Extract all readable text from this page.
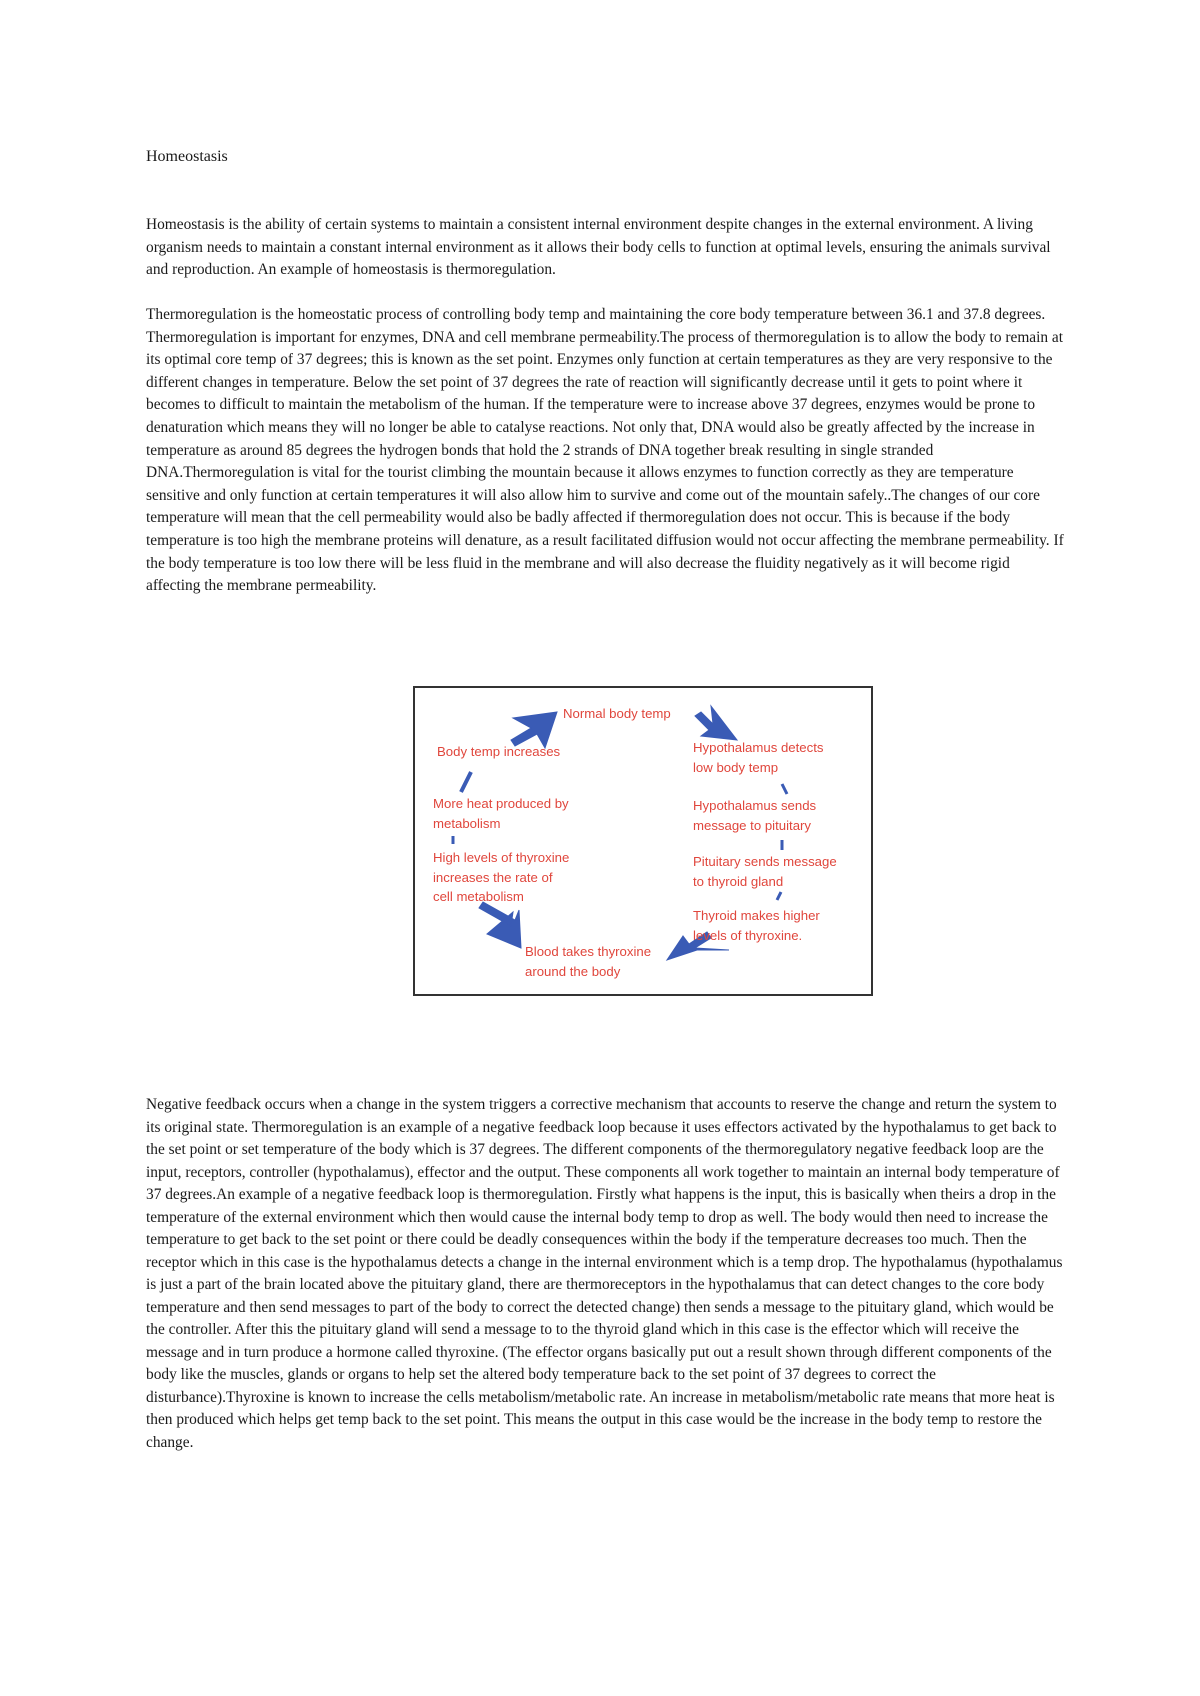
Homeostasis

Homeostasis is the ability of certain systems to maintain a consistent internal environment despite changes in the external environment. A living organism needs to maintain a constant internal environment as it allows their body cells to function at optimal levels, ensuring the animals survival and reproduction. An example of homeostasis is thermoregulation.

Thermoregulation is the homeostatic process of controlling body temp and maintaining the core body temperature between 36.1 and 37.8 degrees. Thermoregulation is important for enzymes, DNA and cell membrane permeability.The process of thermoregulation is to allow the body to remain at its optimal core temp of 37 degrees; this is known as the set point. Enzymes only function at certain temperatures as they are very responsive to the different changes in temperature. Below the set point of 37 degrees the rate of reaction will significantly decrease until it gets to point where it becomes to difficult to maintain the metabolism of the human. If the temperature were to increase above 37 degrees, enzymes would be prone to denaturation which means they will no longer be able to catalyse reactions. Not only that, DNA would also be greatly affected by the increase in temperature as around 85 degrees the hydrogen bonds that hold the 2 strands of DNA together break resulting in single stranded DNA.Thermoregulation is vital for the tourist climbing the mountain because it allows enzymes to function correctly as they are temperature sensitive and only function at certain temperatures it will also allow him to survive and come out of the mountain safely..The changes of our core temperature will mean that the cell permeability would also be badly affected if thermoregulation does not occur. This is because if the body temperature is too high the membrane proteins will denature, as a result facilitated diffusion would not occur affecting the membrane permeability. If the body temperature is too low there will be less fluid in the membrane and will also decrease the fluidity negatively as it will become rigid affecting the membrane permeability.

Normal body temp
Hypothalamus detects
low body temp
Hypothalamus sends
message to pituitary
Pituitary sends message
to thyroid gland
Thyroid makes higher
levels of thyroxine.
Blood takes thyroxine
around the body
High levels of thyroxine
increases the rate of
cell metabolism
More heat produced by
metabolism
Body temp increases

Negative feedback occurs when a change in the system triggers a corrective mechanism that accounts to reserve the change and return the system to its original state. Thermoregulation is an example of a negative feedback loop because it uses effectors activated by the hypothalamus to get back to the set point or set temperature of the body which is 37 degrees. The different components of the thermoregulatory negative feedback loop are the input, receptors, controller (hypothalamus), effector and the output. These components all work together to maintain an internal body temperature of 37 degrees.An example of a negative feedback loop is thermoregulation. Firstly what happens is the input, this is basically when theirs a drop in the temperature of the external environment which then would cause the internal body temp to drop as well. The body would then need to increase the temperature to get back to the set point or there could be deadly consequences within the body if the temperature decreases too much. Then the receptor which in this case is the hypothalamus detects a change in the internal environment which is a temp drop. The hypothalamus (hypothalamus is just a part of the brain located above the pituitary gland, there are thermoreceptors in the hypothalamus that can detect changes to the core body temperature and then send messages to part of the body to correct the detected change) then sends a message to the pituitary gland, which would be the controller. After this the pituitary gland will send a message to to the thyroid gland which in this case is the effector which will receive the message and in turn produce a hormone called thyroxine. (The effector organs basically put out a result shown through different components of the body like the muscles, glands or organs to help set the altered body temperature back to the set point of 37 degrees to correct the disturbance).Thyroxine is known to increase the cells metabolism/metabolic rate. An increase in metabolism/metabolic rate means that more heat is then produced which helps get temp back to the set point. This means the output in this case would be the increase in the body temp to restore the change.
